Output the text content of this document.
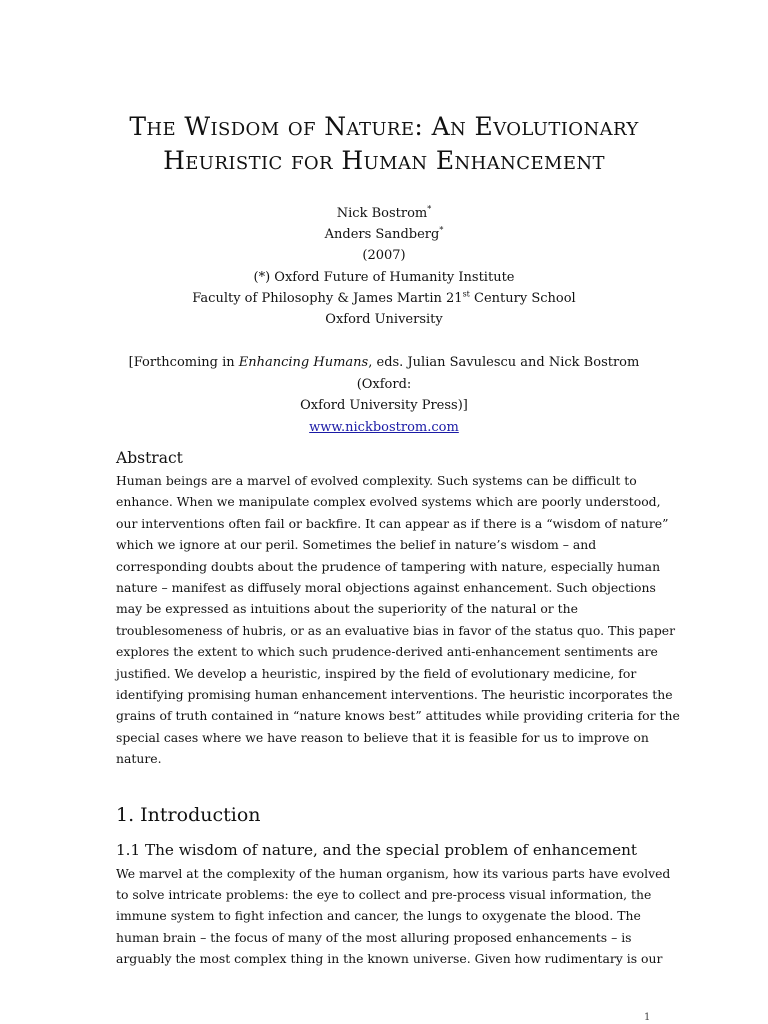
The Wisdom of Nature: An Evolutionary
Heuristic for Human Enhancement
Nick Bostrom*
Anders Sandberg*
(2007)
(*) Oxford Future of Humanity Institute
Faculty of Philosophy & James Martin 21st Century School
Oxford University
[Forthcoming in Enhancing Humans, eds. Julian Savulescu and Nick Bostrom (Oxford:
Oxford University Press)]
www.nickbostrom.com
Abstract
Human beings are a marvel of evolved complexity. Such systems can be difficult to
enhance. When we manipulate complex evolved systems which are poorly understood,
our interventions often fail or backfire. It can appear as if there is a “wisdom of nature”
which we ignore at our peril. Sometimes the belief in nature’s wisdom – and
corresponding doubts about the prudence of tampering with nature, especially human
nature – manifest as diffusely moral objections against enhancement. Such objections
may be expressed as intuitions about the superiority of the natural or the
troublesomeness of hubris, or as an evaluative bias in favor of the status quo. This paper
explores the extent to which such prudence-derived anti-enhancement sentiments are
justified. We develop a heuristic, inspired by the field of evolutionary medicine, for
identifying promising human enhancement interventions. The heuristic incorporates the
grains of truth contained in “nature knows best” attitudes while providing criteria for the
special cases where we have reason to believe that it is feasible for us to improve on
nature.
1. Introduction
1.1 The wisdom of nature, and the special problem of enhancement
We marvel at the complexity of the human organism, how its various parts have evolved
to solve intricate problems: the eye to collect and pre-process visual information, the
immune system to fight infection and cancer, the lungs to oxygenate the blood. The
human brain – the focus of many of the most alluring proposed enhancements – is
arguably the most complex thing in the known universe. Given how rudimentary is our
1
